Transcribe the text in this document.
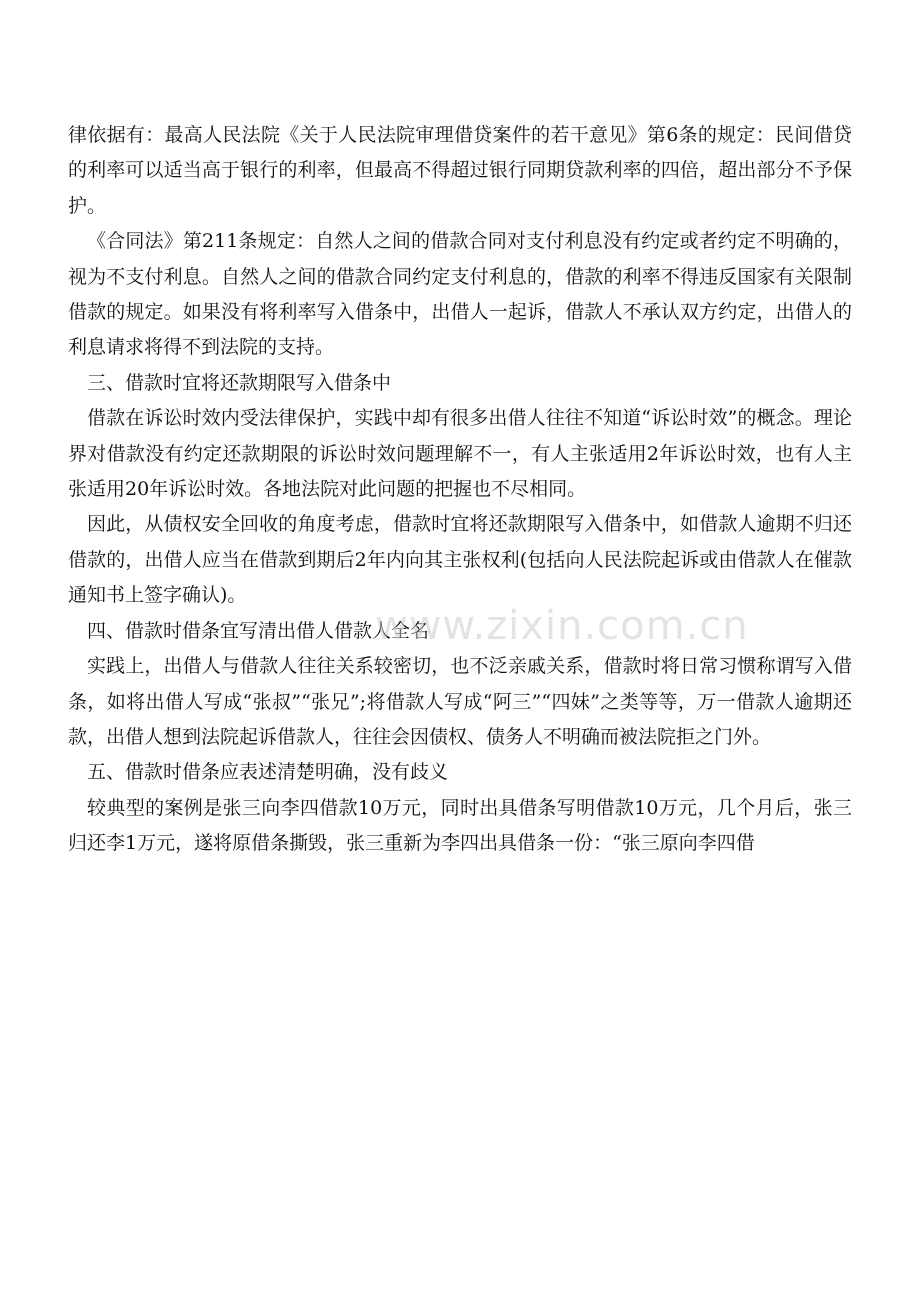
律依据有：最高人民法院《关于人民法院审理借贷案件的若干意见》第6条的规定：民间借贷的利率可以适当高于银行的利率，但最高不得超过银行同期贷款利率的四倍，超出部分不予保护。

《合同法》第211条规定：自然人之间的借款合同对支付利息没有约定或者约定不明确的，视为不支付利息。自然人之间的借款合同约定支付利息的，借款的利率不得违反国家有关限制借款的规定。如果没有将利率写入借条中，出借人一起诉，借款人不承认双方约定，出借人的利息请求将得不到法院的支持。

三、借款时宜将还款期限写入借条中

借款在诉讼时效内受法律保护，实践中却有很多出借人往往不知道“诉讼时效”的概念。理论界对借款没有约定还款期限的诉讼时效问题理解不一，有人主张适用2年诉讼时效，也有人主张适用20年诉讼时效。各地法院对此问题的把握也不尽相同。

因此，从债权安全回收的角度考虑，借款时宜将还款期限写入借条中，如借款人逾期不归还借款的，出借人应当在借款到期后2年内向其主张权利(包括向人民法院起诉或由借款人在催款通知书上签字确认)。

四、借款时借条宜写清出借人借款人全名

实践上，出借人与借款人往往关系较密切，也不泛亲戚关系，借款时将日常习惯称谓写入借条，如将出借人写成“张叔”“张兄”;将借款人写成“阿三”“四妹”之类等等，万一借款人逾期还款，出借人想到法院起诉借款人，往往会因债权、债务人不明确而被法院拒之门外。

五、借款时借条应表述清楚明确，没有歧义

较典型的案例是张三向李四借款10万元，同时出具借条写明借款10万元，几个月后，张三归还李1万元，遂将原借条撕毁，张三重新为李四出具借条一份：“张三原向李四借

www.zixin.com.cn
